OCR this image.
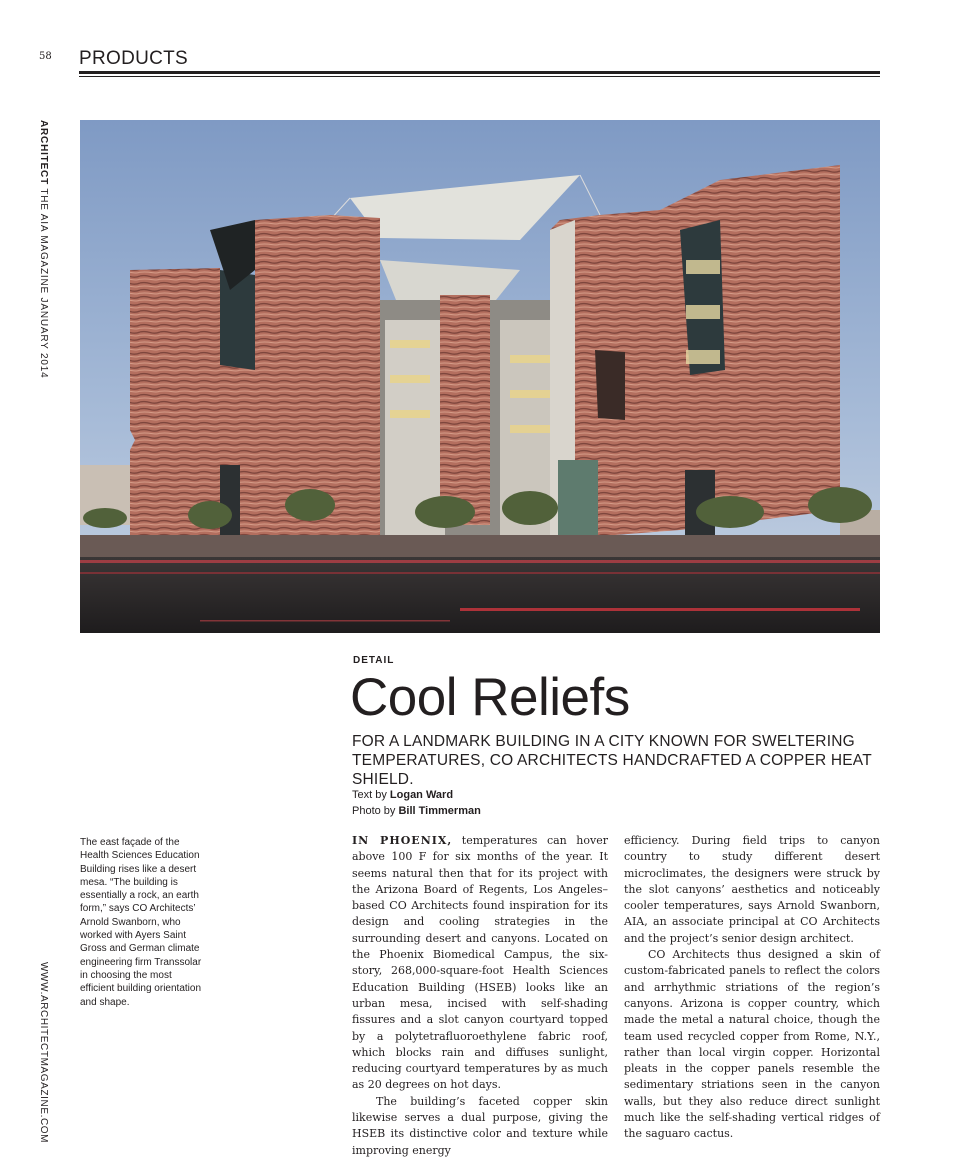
58 PRODUCTS
ARCHITECT THE AIA MAGAZINE JANUARY 2014
WWW.ARCHITECTMAGAZINE.COM
DETAIL
Cool Reliefs
FOR A LANDMARK BUILDING IN A CITY KNOWN FOR SWELTERING TEMPERATURES, CO ARCHITECTS HANDCRAFTED A COPPER HEAT SHIELD.
Text by Logan Ward
Photo by Bill Timmerman
The east façade of the Health Sciences Education Building rises like a desert mesa. “The building is essentially a rock, an earth form,” says CO Architects’ Arnold Swanborn, who worked with Ayers Saint Gross and German climate engineering firm Transsolar in choosing the most efficient building orientation and shape.

IN PHOENIX, temperatures can hover above 100 F for six months of the year. It seems natural then that for its project with the Arizona Board of Regents, Los Angeles–based CO Architects found inspiration for its design and cooling strategies in the surrounding desert and canyons. Located on the Phoenix Biomedical Campus, the six-story, 268,000-square-foot Health Sciences Education Building (HSEB) looks like an urban mesa, incised with self-shading fissures and a slot canyon courtyard topped by a polytetrafluoroethylene fabric roof, which blocks rain and diffuses sunlight, reducing courtyard temperatures by as much as 20 degrees on hot days.

The building’s faceted copper skin likewise serves a dual purpose, giving the HSEB its distinctive color and texture while improving energy

efficiency. During field trips to canyon country to study different desert microclimates, the designers were struck by the slot canyons’ aesthetics and noticeably cooler temperatures, says Arnold Swanborn, AIA, an associate principal at CO Architects and the project’s senior design architect.

CO Architects thus designed a skin of custom-fabricated panels to reflect the colors and arrhythmic striations of the region’s canyons. Arizona is copper country, which made the metal a natural choice, though the team used recycled copper from Rome, N.Y., rather than local virgin copper. Horizontal pleats in the copper panels resemble the sedimentary striations seen in the canyon walls, but they also reduce direct sunlight much like the self-shading vertical ridges of the saguaro cactus.
